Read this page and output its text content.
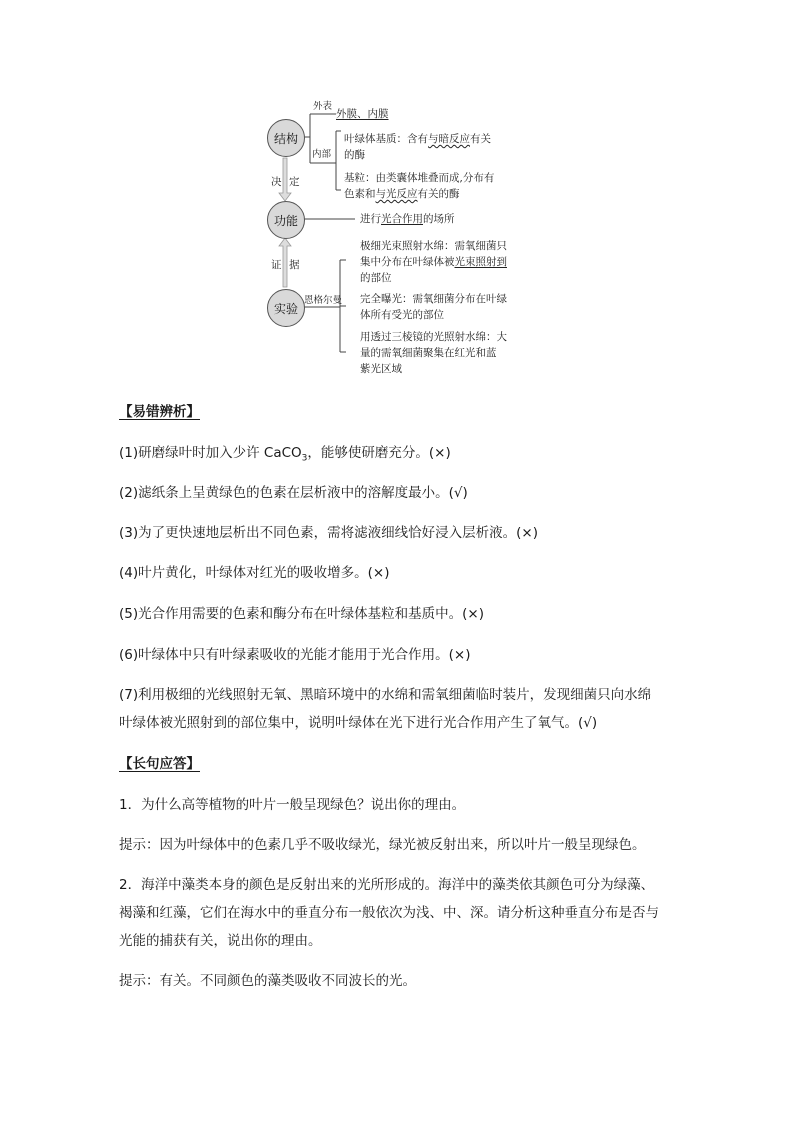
结构
功能
实验
决 定
证 据
外表
外膜、内膜
内部
叶绿体基质：含有与暗反应有关
的酶
基粒：由类囊体堆叠而成,分布有
色素和与光反应有关的酶
进行光合作用的场所
恩格尔曼
极细光束照射水绵：需氧细菌只
集中分布在叶绿体被光束照射到
的部位
完全曝光：需氧细菌分布在叶绿
体所有受光的部位
用透过三棱镜的光照射水绵：大
量的需氧细菌聚集在红光和蓝
紫光区域
【易错辨析】
(1)研磨绿叶时加入少许 CaCO$_3$，能够使研磨充分。(×)
(2)滤纸条上呈黄绿色的色素在层析液中的溶解度最小。(√)
(3)为了更快速地层析出不同色素，需将滤液细线恰好浸入层析液。(×)
(4)叶片黄化，叶绿体对红光的吸收增多。(×)
(5)光合作用需要的色素和酶分布在叶绿体基粒和基质中。(×)
(6)叶绿体中只有叶绿素吸收的光能才能用于光合作用。(×)
(7)利用极细的光线照射无氧、黑暗环境中的水绵和需氧细菌临时装片，发现细菌只向水绵
叶绿体被光照射到的部位集中，说明叶绿体在光下进行光合作用产生了氧气。(√)
【长句应答】
1．为什么高等植物的叶片一般呈现绿色？说出你的理由。
提示：因为叶绿体中的色素几乎不吸收绿光，绿光被反射出来，所以叶片一般呈现绿色。
2．海洋中藻类本身的颜色是反射出来的光所形成的。海洋中的藻类依其颜色可分为绿藻、
褐藻和红藻，它们在海水中的垂直分布一般依次为浅、中、深。请分析这种垂直分布是否与
光能的捕获有关，说出你的理由。
提示：有关。不同颜色的藻类吸收不同波长的光。
